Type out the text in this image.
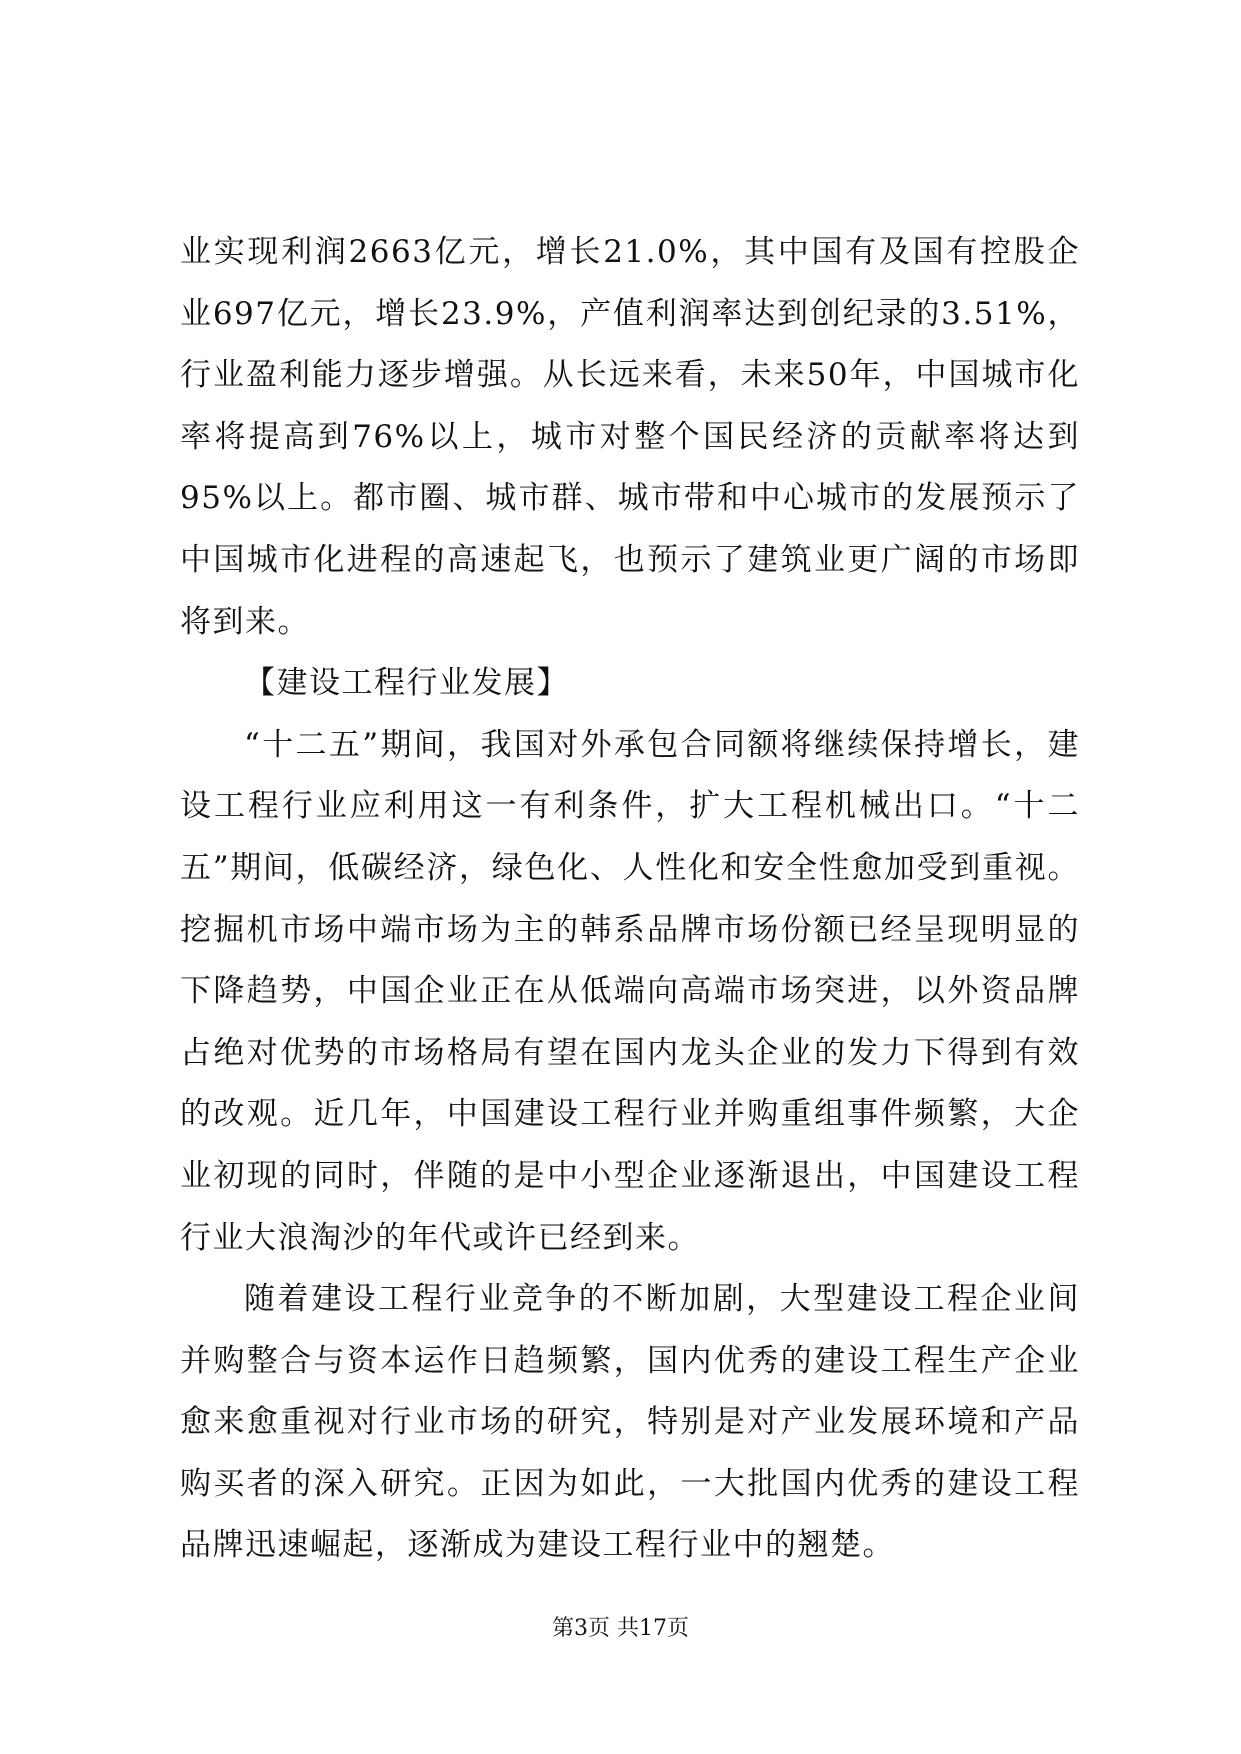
业实现利润2663亿元，增长21.0%，其中国有及国有控股企业697亿元，增长23.9%，产值利润率达到创纪录的3.51%，行业盈利能力逐步增强。从长远来看，未来50年，中国城市化率将提高到76%以上，城市对整个国民经济的贡献率将达到95%以上。都市圈、城市群、城市带和中心城市的发展预示了中国城市化进程的高速起飞，也预示了建筑业更广阔的市场即将到来。

【建设工程行业发展】

“十二五”期间，我国对外承包合同额将继续保持增长，建设工程行业应利用这一有利条件，扩大工程机械出口。“十二五”期间，低碳经济，绿色化、人性化和安全性愈加受到重视。挖掘机市场中端市场为主的韩系品牌市场份额已经呈现明显的下降趋势，中国企业正在从低端向高端市场突进，以外资品牌占绝对优势的市场格局有望在国内龙头企业的发力下得到有效的改观。近几年，中国建设工程行业并购重组事件频繁，大企业初现的同时，伴随的是中小型企业逐渐退出，中国建设工程行业大浪淘沙的年代或许已经到来。

随着建设工程行业竞争的不断加剧，大型建设工程企业间并购整合与资本运作日趋频繁，国内优秀的建设工程生产企业愈来愈重视对行业市场的研究，特别是对产业发展环境和产品购买者的深入研究。正因为如此，一大批国内优秀的建设工程品牌迅速崛起，逐渐成为建设工程行业中的翘楚。

第3页 共17页
